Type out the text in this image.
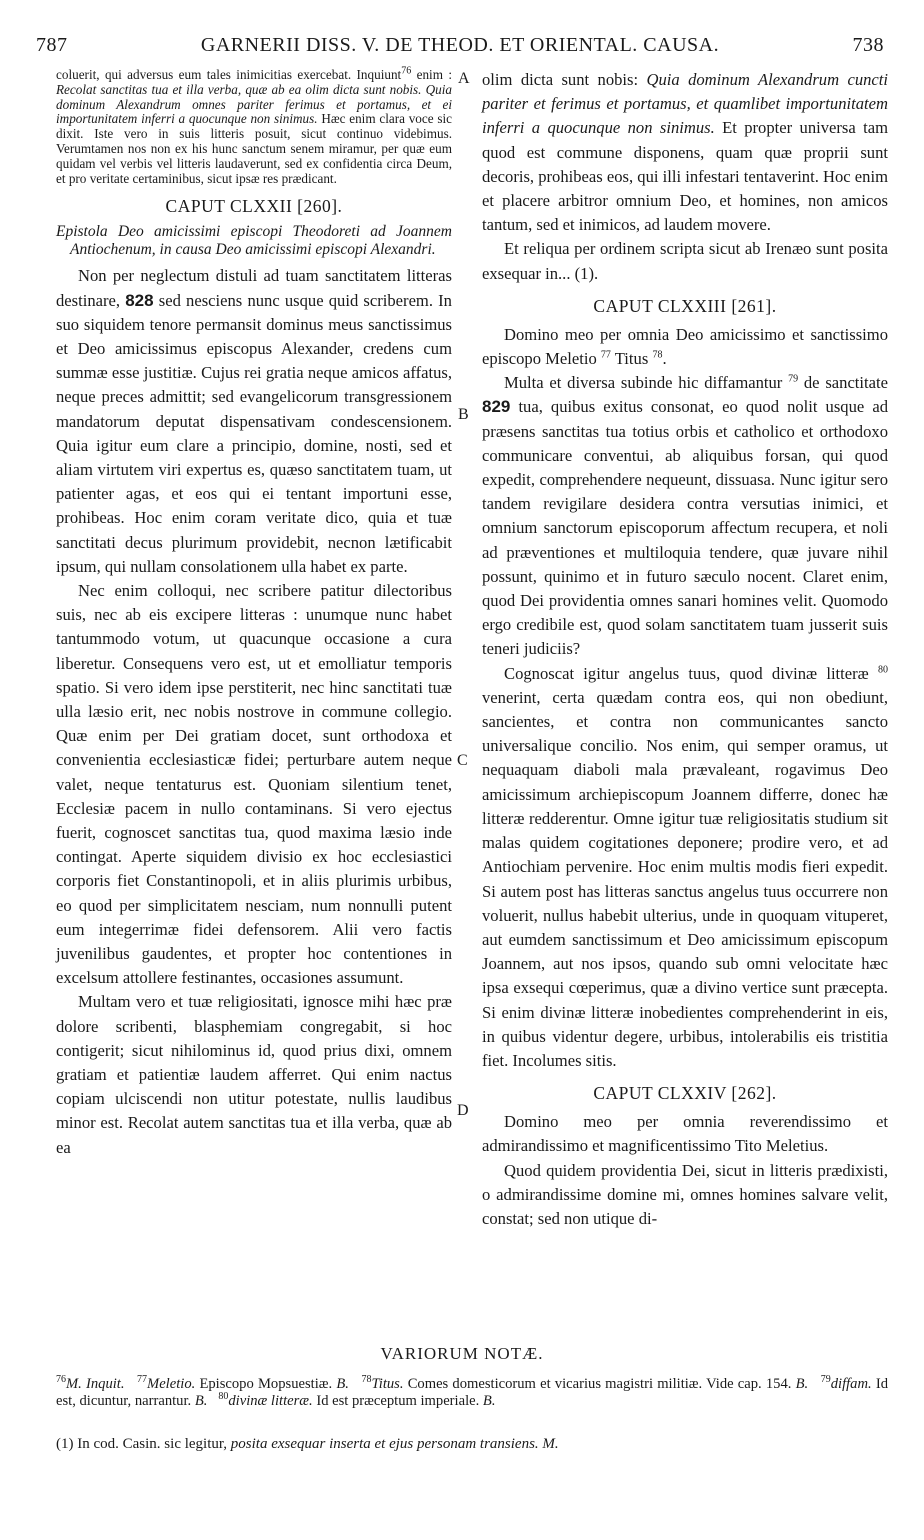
787	GARNERII DISS. V. DE THEOD. ET ORIENTAL. CAUSA.	738
A
B
C
D

coluerit, qui adversus eum tales inimicitias exercebat. Inquiunt$^{76}$ enim : Recolat sanctitas tua et illa verba, quæ ab ea olim dicta sunt nobis. Quia dominum Alexandrum omnes pariter ferimus et portamus, et ei importunitatem inferri a quocunque non sinimus. Hæc enim clara voce sic dixit. Iste vero in suis litteris posuit, sicut continuo videbimus. Verumtamen nos non ex his hunc sanctum senem miramur, per quæ eum quidam vel verbis vel litteris laudaverunt, sed ex confidentia circa Deum, et pro veritate certaminibus, sicut ipsæ res prædicant.

CAPUT CLXXII [260].

Epistola Deo amicissimi episcopi Theodoreti ad Joannem Antiochenum, in causa Deo amicissimi episcopi Alexandri.

Non per neglectum distuli ad tuam sanctitatem litteras destinare, 828 sed nesciens nunc usque quid scriberem. In suo siquidem tenore permansit dominus meus sanctissimus et Deo amicissimus episcopus Alexander, credens cum summæ esse justitiæ. Cujus rei gratia neque amicos affatus, neque preces admittit; sed evangelicorum transgressionem mandatorum deputat dispensativam condescensionem. Quia igitur eum clare a principio, domine, nosti, sed et aliam virtutem viri expertus es, quæso sanctitatem tuam, ut patienter agas, et eos qui ei tentant importuni esse, prohibeas. Hoc enim coram veritate dico, quia et tuæ sanctitati decus plurimum providebit, necnon lætificabit ipsum, qui nullam consolationem ulla habet ex parte.

Nec enim colloqui, nec scribere patitur dilectoribus suis, nec ab eis excipere litteras : unumque nunc habet tantummodo votum, ut quacunque occasione a cura liberetur. Consequens vero est, ut et emolliatur temporis spatio. Si vero idem ipse perstiterit, nec hinc sanctitati tuæ ulla læsio erit, nec nobis nostrove in commune collegio. Quæ enim per Dei gratiam docet, sunt orthodoxa et convenientia ecclesiasticæ fidei; perturbare autem neque valet, neque tentaturus est. Quoniam silentium tenet, Ecclesiæ pacem in nullo contaminans. Si vero ejectus fuerit, cognoscet sanctitas tua, quod maxima læsio inde contingat. Aperte siquidem divisio ex hoc ecclesiastici corporis fiet Constantinopoli, et in aliis plurimis urbibus, eo quod per simplicitatem nesciam, num nonnulli putent eum integerrimæ fidei defensorem. Alii vero factis juvenilibus gaudentes, et propter hoc contentiones in excelsum attollere festinantes, occasiones assumunt.

Multam vero et tuæ religiositati, ignosce mihi hæc præ dolore scribenti, blasphemiam congregabit, si hoc contigerit; sicut nihilominus id, quod prius dixi, omnem gratiam et patientiæ laudem afferret. Qui enim nactus copiam ulciscendi non utitur potestate, nullis laudibus minor est. Recolat autem sanctitas tua et illa verba, quæ ab ea

olim dicta sunt nobis: Quia dominum Alexandrum cuncti pariter et ferimus et portamus, et quamlibet importunitatem inferri a quocunque non sinimus. Et propter universa tam quod est commune disponens, quam quæ proprii sunt decoris, prohibeas eos, qui illi infestari tentaverint. Hoc enim et placere arbitror omnium Deo, et homines, non amicos tantum, sed et inimicos, ad laudem movere.

Et reliqua per ordinem scripta sicut ab Irenæo sunt posita exsequar in... (1).

CAPUT CLXXIII [261].

Domino meo per omnia Deo amicissimo et sanctissimo episcopo Meletio $^{77}$ Titus $^{78}$.

Multa et diversa subinde hic diffamantur $^{79}$ de sanctitate 829 tua, quibus exitus consonat, eo quod nolit usque ad præsens sanctitas tua totius orbis et catholico et orthodoxo communicare conventui, ab aliquibus forsan, qui quod expedit, comprehendere nequeunt, dissuasa. Nunc igitur sero tandem revigilare desidera contra versutias inimici, et omnium sanctorum episcoporum affectum recupera, et noli ad præventiones et multiloquia tendere, quæ juvare nihil possunt, quinimo et in futuro sæculo nocent. Claret enim, quod Dei providentia omnes sanari homines velit. Quomodo ergo credibile est, quod solam sanctitatem tuam jusserit suis teneri judiciis?

Cognoscat igitur angelus tuus, quod divinæ litteræ $^{80}$ venerint, certa quædam contra eos, qui non obediunt, sancientes, et contra non communicantes sancto universalique concilio. Nos enim, qui semper oramus, ut nequaquam diaboli mala prævaleant, rogavimus Deo amicissimum archiepiscopum Joannem differre, donec hæ litteræ redderentur. Omne igitur tuæ religiositatis studium sit malas quidem cogitationes deponere; prodire vero, et ad Antiochiam pervenire. Hoc enim multis modis fieri expedit. Si autem post has litteras sanctus angelus tuus occurrere non voluerit, nullus habebit ulterius, unde in quoquam vituperet, aut eumdem sanctissimum et Deo amicissimum episcopum Joannem, aut nos ipsos, quando sub omni velocitate hæc ipsa exsequi cœperimus, quæ a divino vertice sunt præcepta. Si enim divinæ litteræ inobedientes comprehenderint in eis, in quibus videntur degere, urbibus, intolerabilis eis tristitia fiet. Incolumes sitis.

CAPUT CLXXIV [262].

Domino meo per omnia reverendissimo et admirandissimo et magnificentissimo Tito Meletius.

Quod quidem providentia Dei, sicut in litteris prædixisti, o admirandissime domine mi, omnes homines salvare velit, constat; sed non utique di-

VARIORUM NOTÆ.
$^{76}$M. Inquit. $^{77}$Meletio. Episcopo Mopsuestiæ. B. $^{78}$Titus. Comes domesticorum et vicarius magistri militiæ. Vide cap. 154. B. $^{79}$diffam. Id est, dicuntur, narrantur. B. $^{80}$divinæ litteræ. Id est præceptum imperiale. B.
(1) In cod. Casin. sic legitur, posita exsequar inserta et ejus personam transiens. M.
